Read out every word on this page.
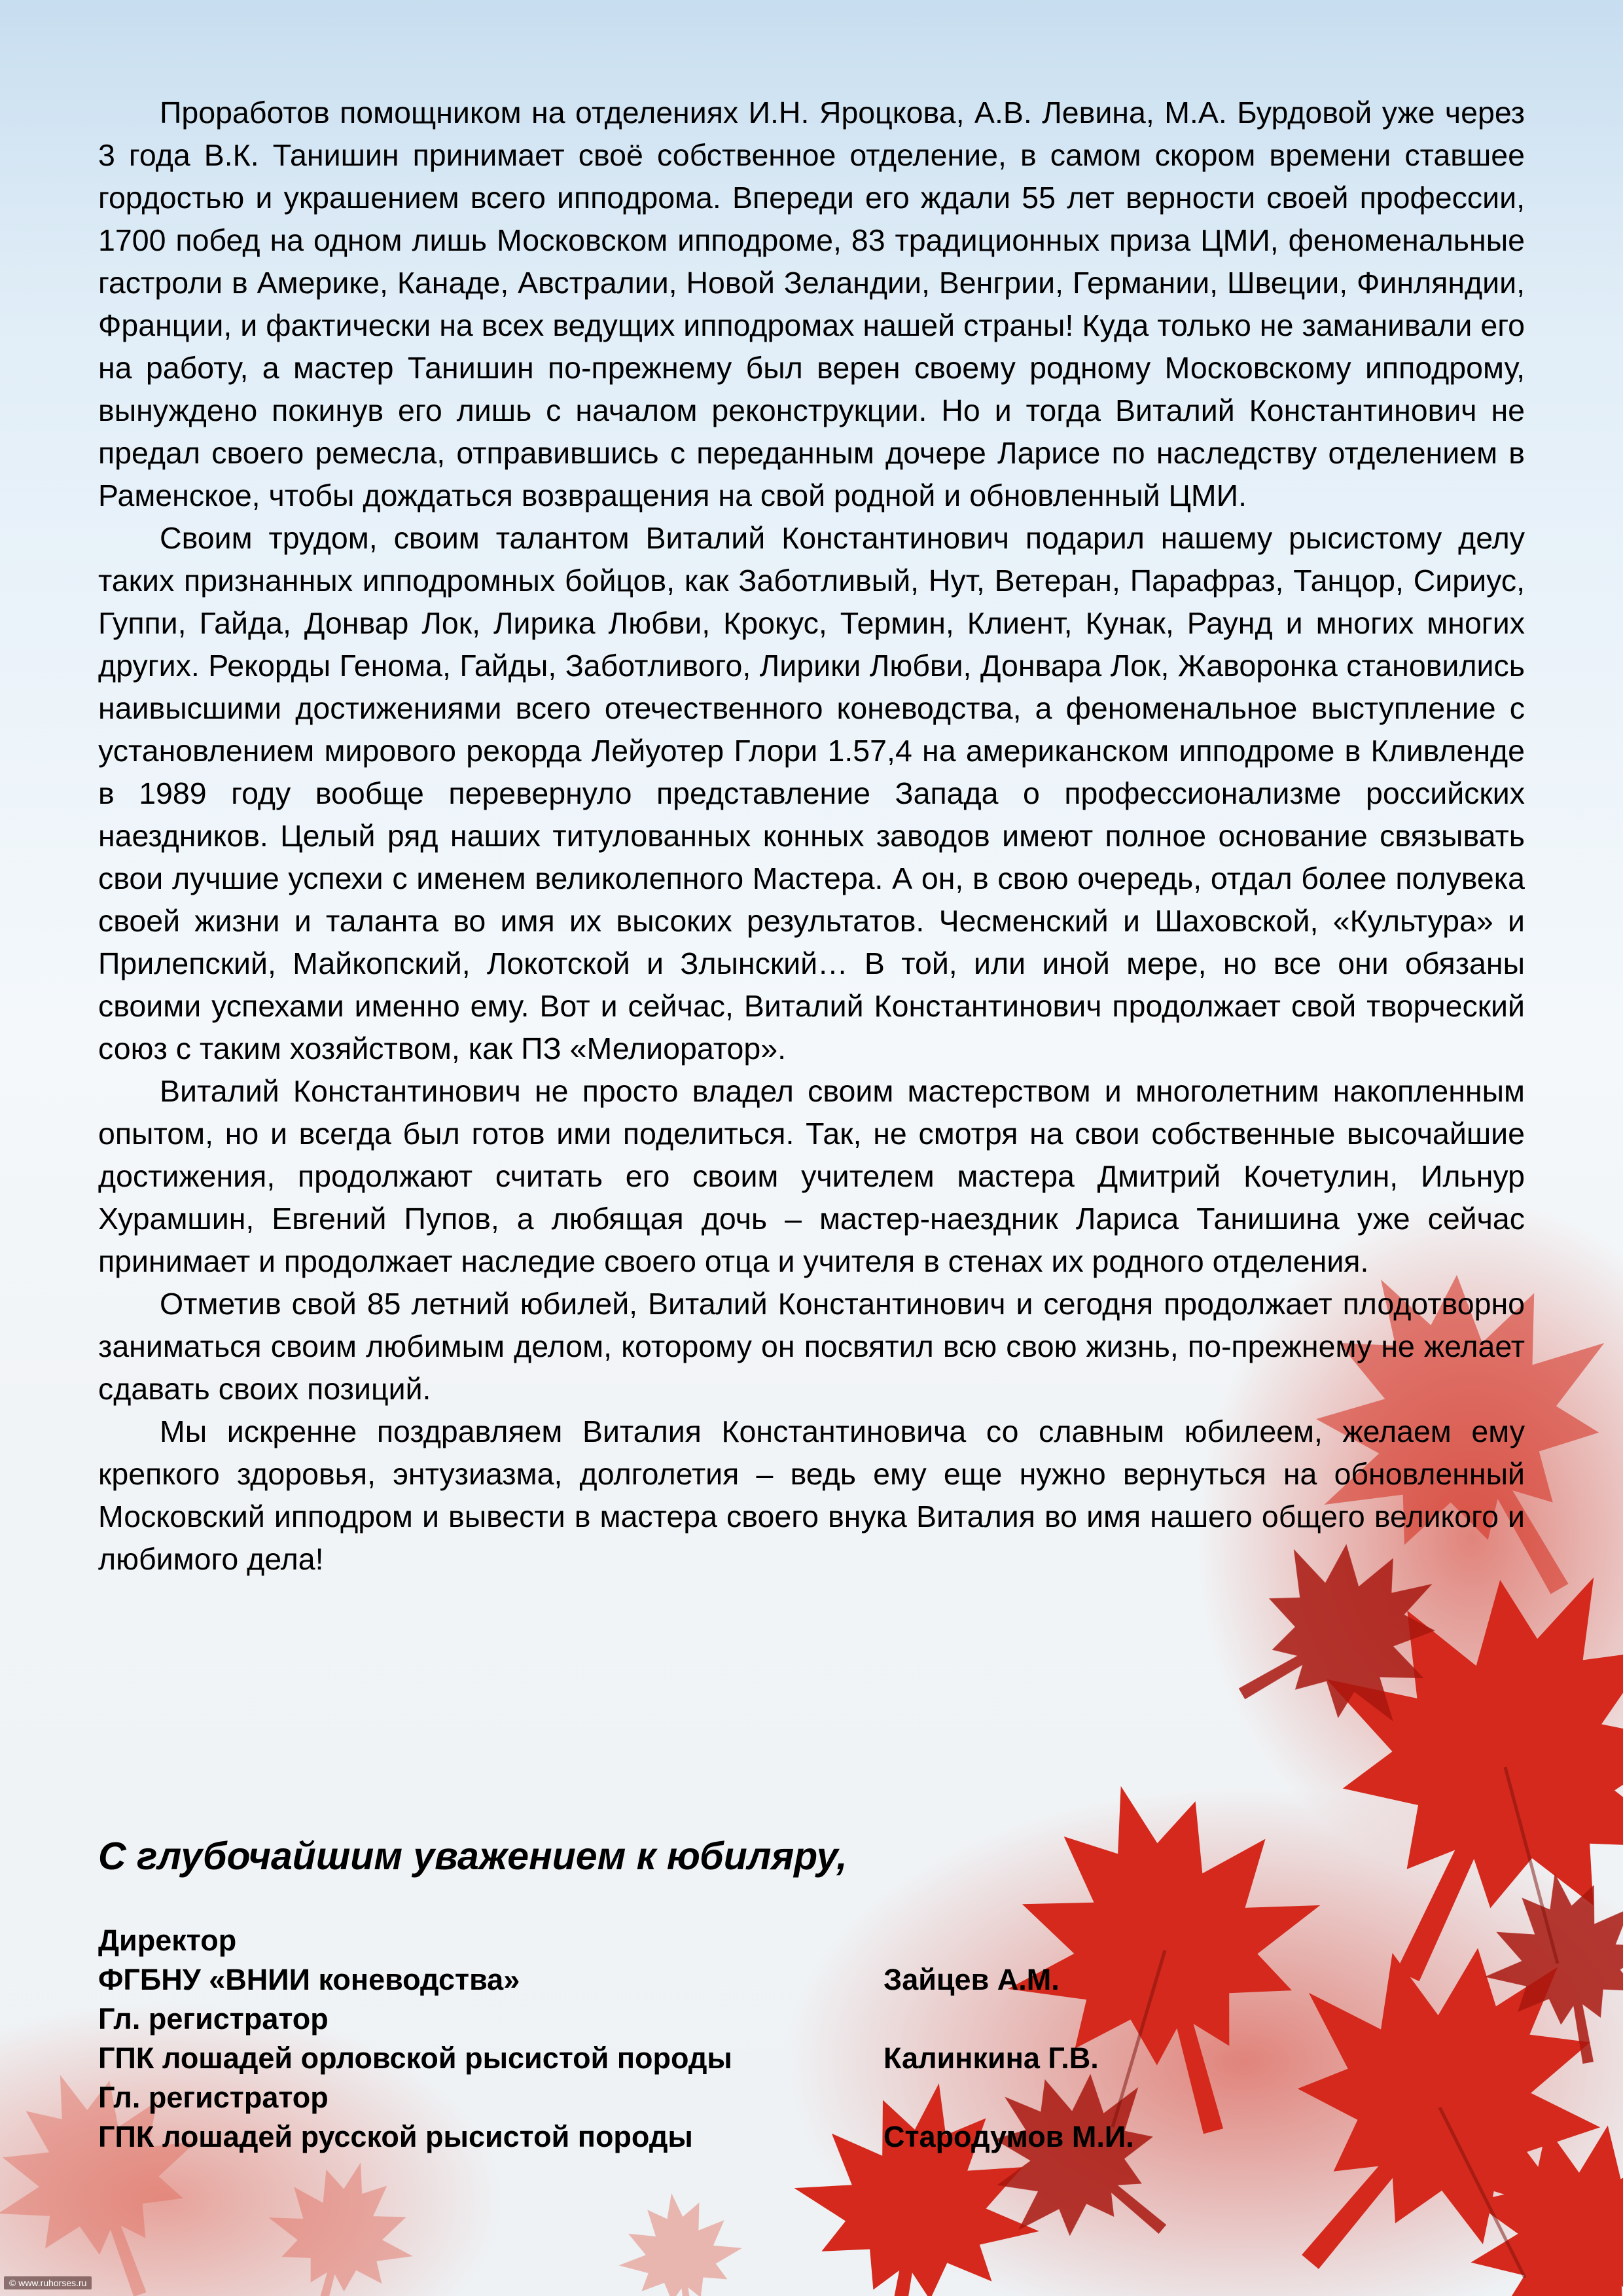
Проработов помощником на отделениях И.Н. Яроцкова, А.В. Левина, М.А. Бурдовой уже через 3 года В.К. Танишин принимает своё собственное отделение, в самом скором времени ставшее гордостью и украшением всего ипподрома. Впереди его ждали 55 лет верности своей профессии, 1700 побед на одном лишь Московском ипподроме, 83 традиционных приза ЦМИ, феноменальные гастроли в Америке, Канаде, Австралии, Новой Зеландии, Венгрии, Германии, Швеции, Финляндии, Франции, и фактически на всех ведущих ипподромах нашей страны! Куда только не заманивали его на работу, а мастер Танишин по-прежнему был верен своему родному Московскому ипподрому, вынуждено покинув его лишь с началом реконструкции. Но и тогда Виталий Константинович не предал своего ремесла, отправившись с переданным дочере Ларисе по наследству отделением в Раменское, чтобы дождаться возвращения на свой родной и обновленный ЦМИ.

Своим трудом, своим талантом Виталий Константинович подарил нашему рысистому делу таких признанных ипподромных бойцов, как Заботливый, Нут, Ветеран, Парафраз, Танцор, Сириус, Гуппи, Гайда, Донвар Лок, Лирика Любви, Крокус, Термин, Клиент, Кунак, Раунд и многих многих других. Рекорды Генома, Гайды, Заботливого, Лирики Любви, Донвара Лок, Жаворонка становились наивысшими достижениями всего отечественного коневодства, а феноменальное выступление с установлением мирового рекорда Лейуотер Глори 1.57,4 на американском ипподроме в Кливленде в 1989 году вообще перевернуло представление Запада о профессионализме российских наездников. Целый ряд наших титулованных конных заводов имеют полное основание связывать свои лучшие успехи с именем великолепного Мастера. А он, в свою очередь, отдал более полувека своей жизни и таланта во имя их высоких результатов. Чесменский и Шаховской, «Культура» и Прилепский, Майкопский, Локотской и Злынский… В той, или иной мере, но все они обязаны своими успехами именно ему. Вот и сейчас, Виталий Константинович продолжает свой творческий союз с таким хозяйством, как ПЗ «Мелиоратор».

Виталий Константинович не просто владел своим мастерством и многолетним накопленным опытом, но и всегда был готов ими поделиться. Так, не смотря на свои собственные высочайшие достижения, продолжают считать его своим учителем мастера Дмитрий Кочетулин, Ильнур Хурамшин, Евгений Пупов, а любящая дочь – мастер-наездник Лариса Танишина уже сейчас принимает и продолжает наследие своего отца и учителя в стенах их родного отделения.

Отметив свой 85 летний юбилей, Виталий Константинович и сегодня продолжает плодотворно заниматься своим любимым делом, которому он посвятил всю свою жизнь, по-прежнему не желает сдавать своих позиций.

Мы искренне поздравляем Виталия Константиновича со славным юбилеем, желаем ему крепкого здоровья, энтузиазма, долголетия – ведь ему еще нужно вернуться на обновленный Московский ипподром и вывести в мастера своего внука Виталия во имя нашего общего великого и любимого дела!

С глубочайшим уважением к юбиляру,
Директор
ФГБНУ «ВНИИ коневодства»	Зайцев А.М.
Гл. регистратор
ГПК лошадей орловской рысистой породы	Калинкина Г.В.
Гл. регистратор
ГПК лошадей русской рысистой породы	Стародумов М.И.
© www.ruhorses.ru
